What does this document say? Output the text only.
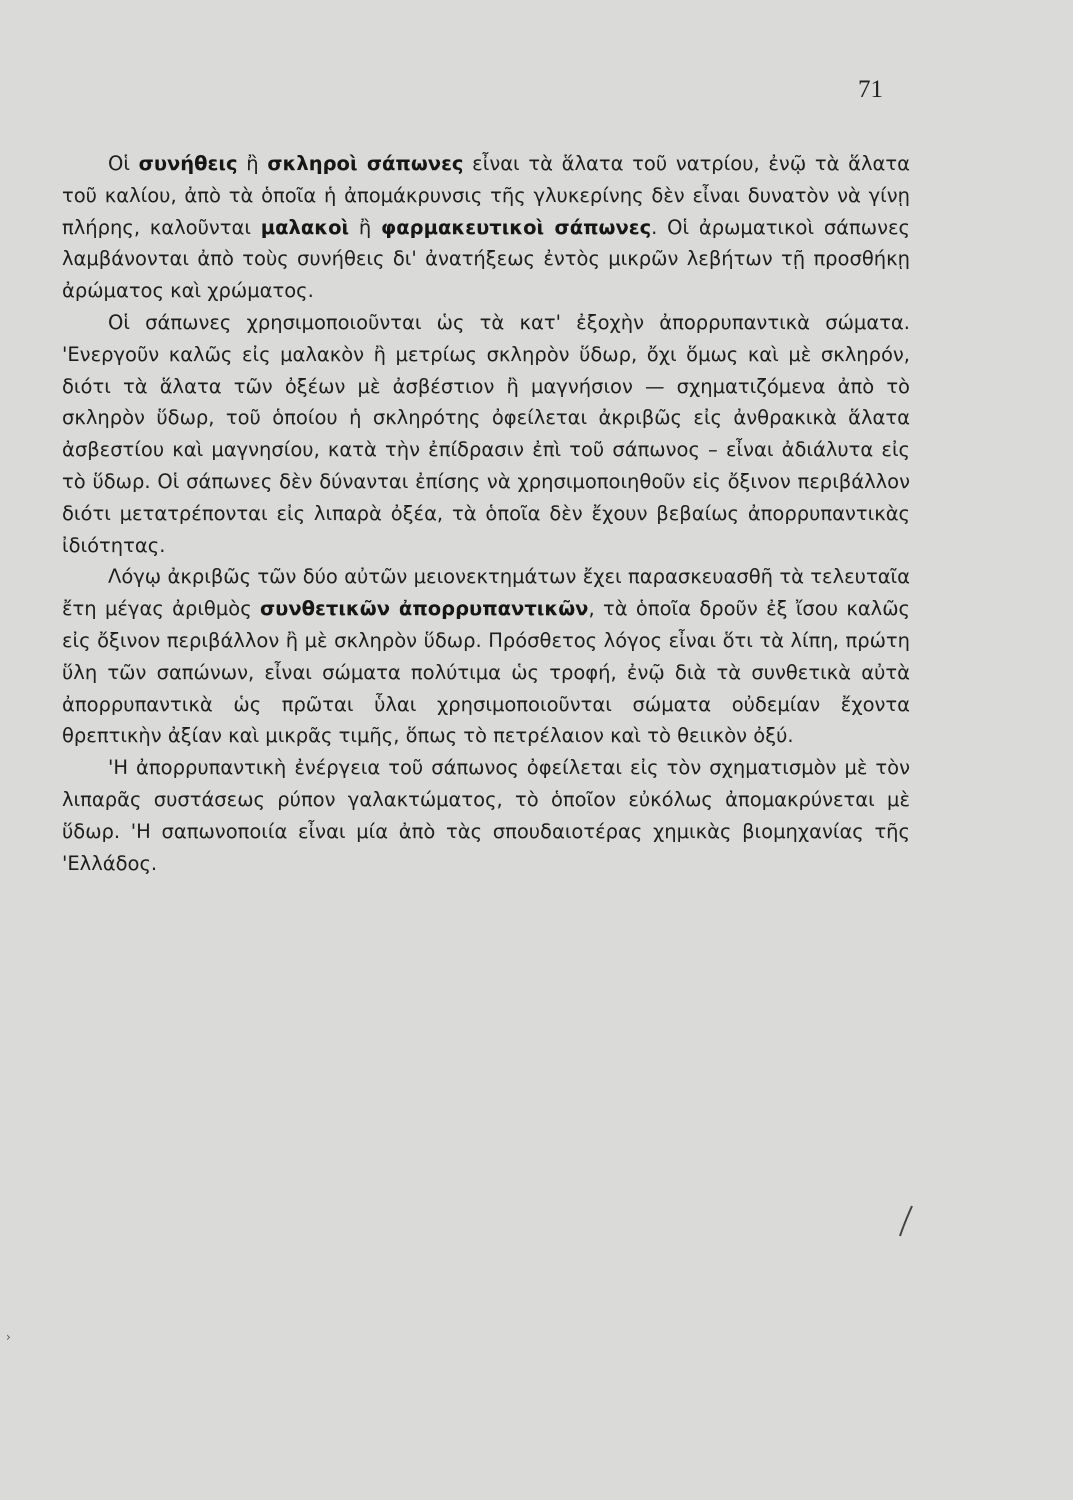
71

Οἱ συνήθεις ἢ σκληροὶ σάπωνες εἶναι τὰ ἅλατα τοῦ νατρίου, ἐνῷ τὰ ἅλατα τοῦ καλίου, ἀπὸ τὰ ὁποῖα ἡ ἀπομάκρυνσις τῆς γλυκερίνης δὲν εἶναι δυνατὸν νὰ γίνῃ πλήρης, καλοῦνται μαλακοὶ ἢ φαρμακευτικοὶ σάπωνες. Οἱ ἀρωματικοὶ σάπωνες λαμβάνονται ἀπὸ τοὺς συνήθεις δι' ἀνατήξεως ἐντὸς μικρῶν λεβήτων τῇ προσθήκῃ ἀρώματος καὶ χρώματος.

Οἱ σάπωνες χρησιμοποιοῦνται ὡς τὰ κατ' ἐξοχὴν ἀπορρυπαντικὰ σώματα. 'Ενεργοῦν καλῶς εἰς μαλακὸν ἢ μετρίως σκληρὸν ὕδωρ, ὄχι ὅμως καὶ μὲ σκληρόν, διότι τὰ ἅλατα τῶν ὀξέων μὲ ἀσβέστιον ἢ μαγνήσιον — σχηματιζόμενα ἀπὸ τὸ σκληρὸν ὕδωρ, τοῦ ὁποίου ἡ σκληρότης ὀφείλεται ἀκριβῶς εἰς ἀνθρακικὰ ἅλατα ἀσβεστίου καὶ μαγνησίου, κατὰ τὴν ἐπίδρασιν ἐπὶ τοῦ σάπωνος – εἶναι ἀδιάλυτα εἰς τὸ ὕδωρ. Οἱ σάπωνες δὲν δύνανται ἐπίσης νὰ χρησιμοποιηθοῦν εἰς ὄξινον περιβάλλον διότι μετατρέπονται εἰς λιπαρὰ ὀξέα, τὰ ὁποῖα δὲν ἔχουν βεβαίως ἀπορρυπαντικὰς ἰδιότητας.

Λόγῳ ἀκριβῶς τῶν δύο αὐτῶν μειονεκτημάτων ἔχει παρασκευασθῆ τὰ τελευταῖα ἔτη μέγας ἀριθμὸς συνθετικῶν ἀπορρυπαντικῶν, τὰ ὁποῖα δροῦν ἐξ ἴσου καλῶς εἰς ὄξινον περιβάλλον ἢ μὲ σκληρὸν ὕδωρ. Πρόσθετος λόγος εἶναι ὅτι τὰ λίπη, πρώτη ὕλη τῶν σαπώνων, εἶναι σώματα πολύτιμα ὡς τροφή, ἐνῷ διὰ τὰ συνθετικὰ αὐτὰ ἀπορρυπαντικὰ ὡς πρῶται ὗλαι χρησιμοποιοῦνται σώματα οὐδεμίαν ἔχοντα θρεπτικὴν ἀξίαν καὶ μικρᾶς τιμῆς, ὅπως τὸ πετρέλαιον καὶ τὸ θειικὸν ὀξύ.

'Η ἀπορρυπαντικὴ ἐνέργεια τοῦ σάπωνος ὀφείλεται εἰς τὸν σχηματισμὸν μὲ τὸν λιπαρᾶς συστάσεως ρύπον γαλακτώματος, τὸ ὁποῖον εὐκόλως ἀπομακρύνεται μὲ ὕδωρ. 'Η σαπωνοποιία εἶναι μία ἀπὸ τὰς σπουδαιοτέρας χημικὰς βιομηχανίας τῆς 'Ελλάδος.

›
